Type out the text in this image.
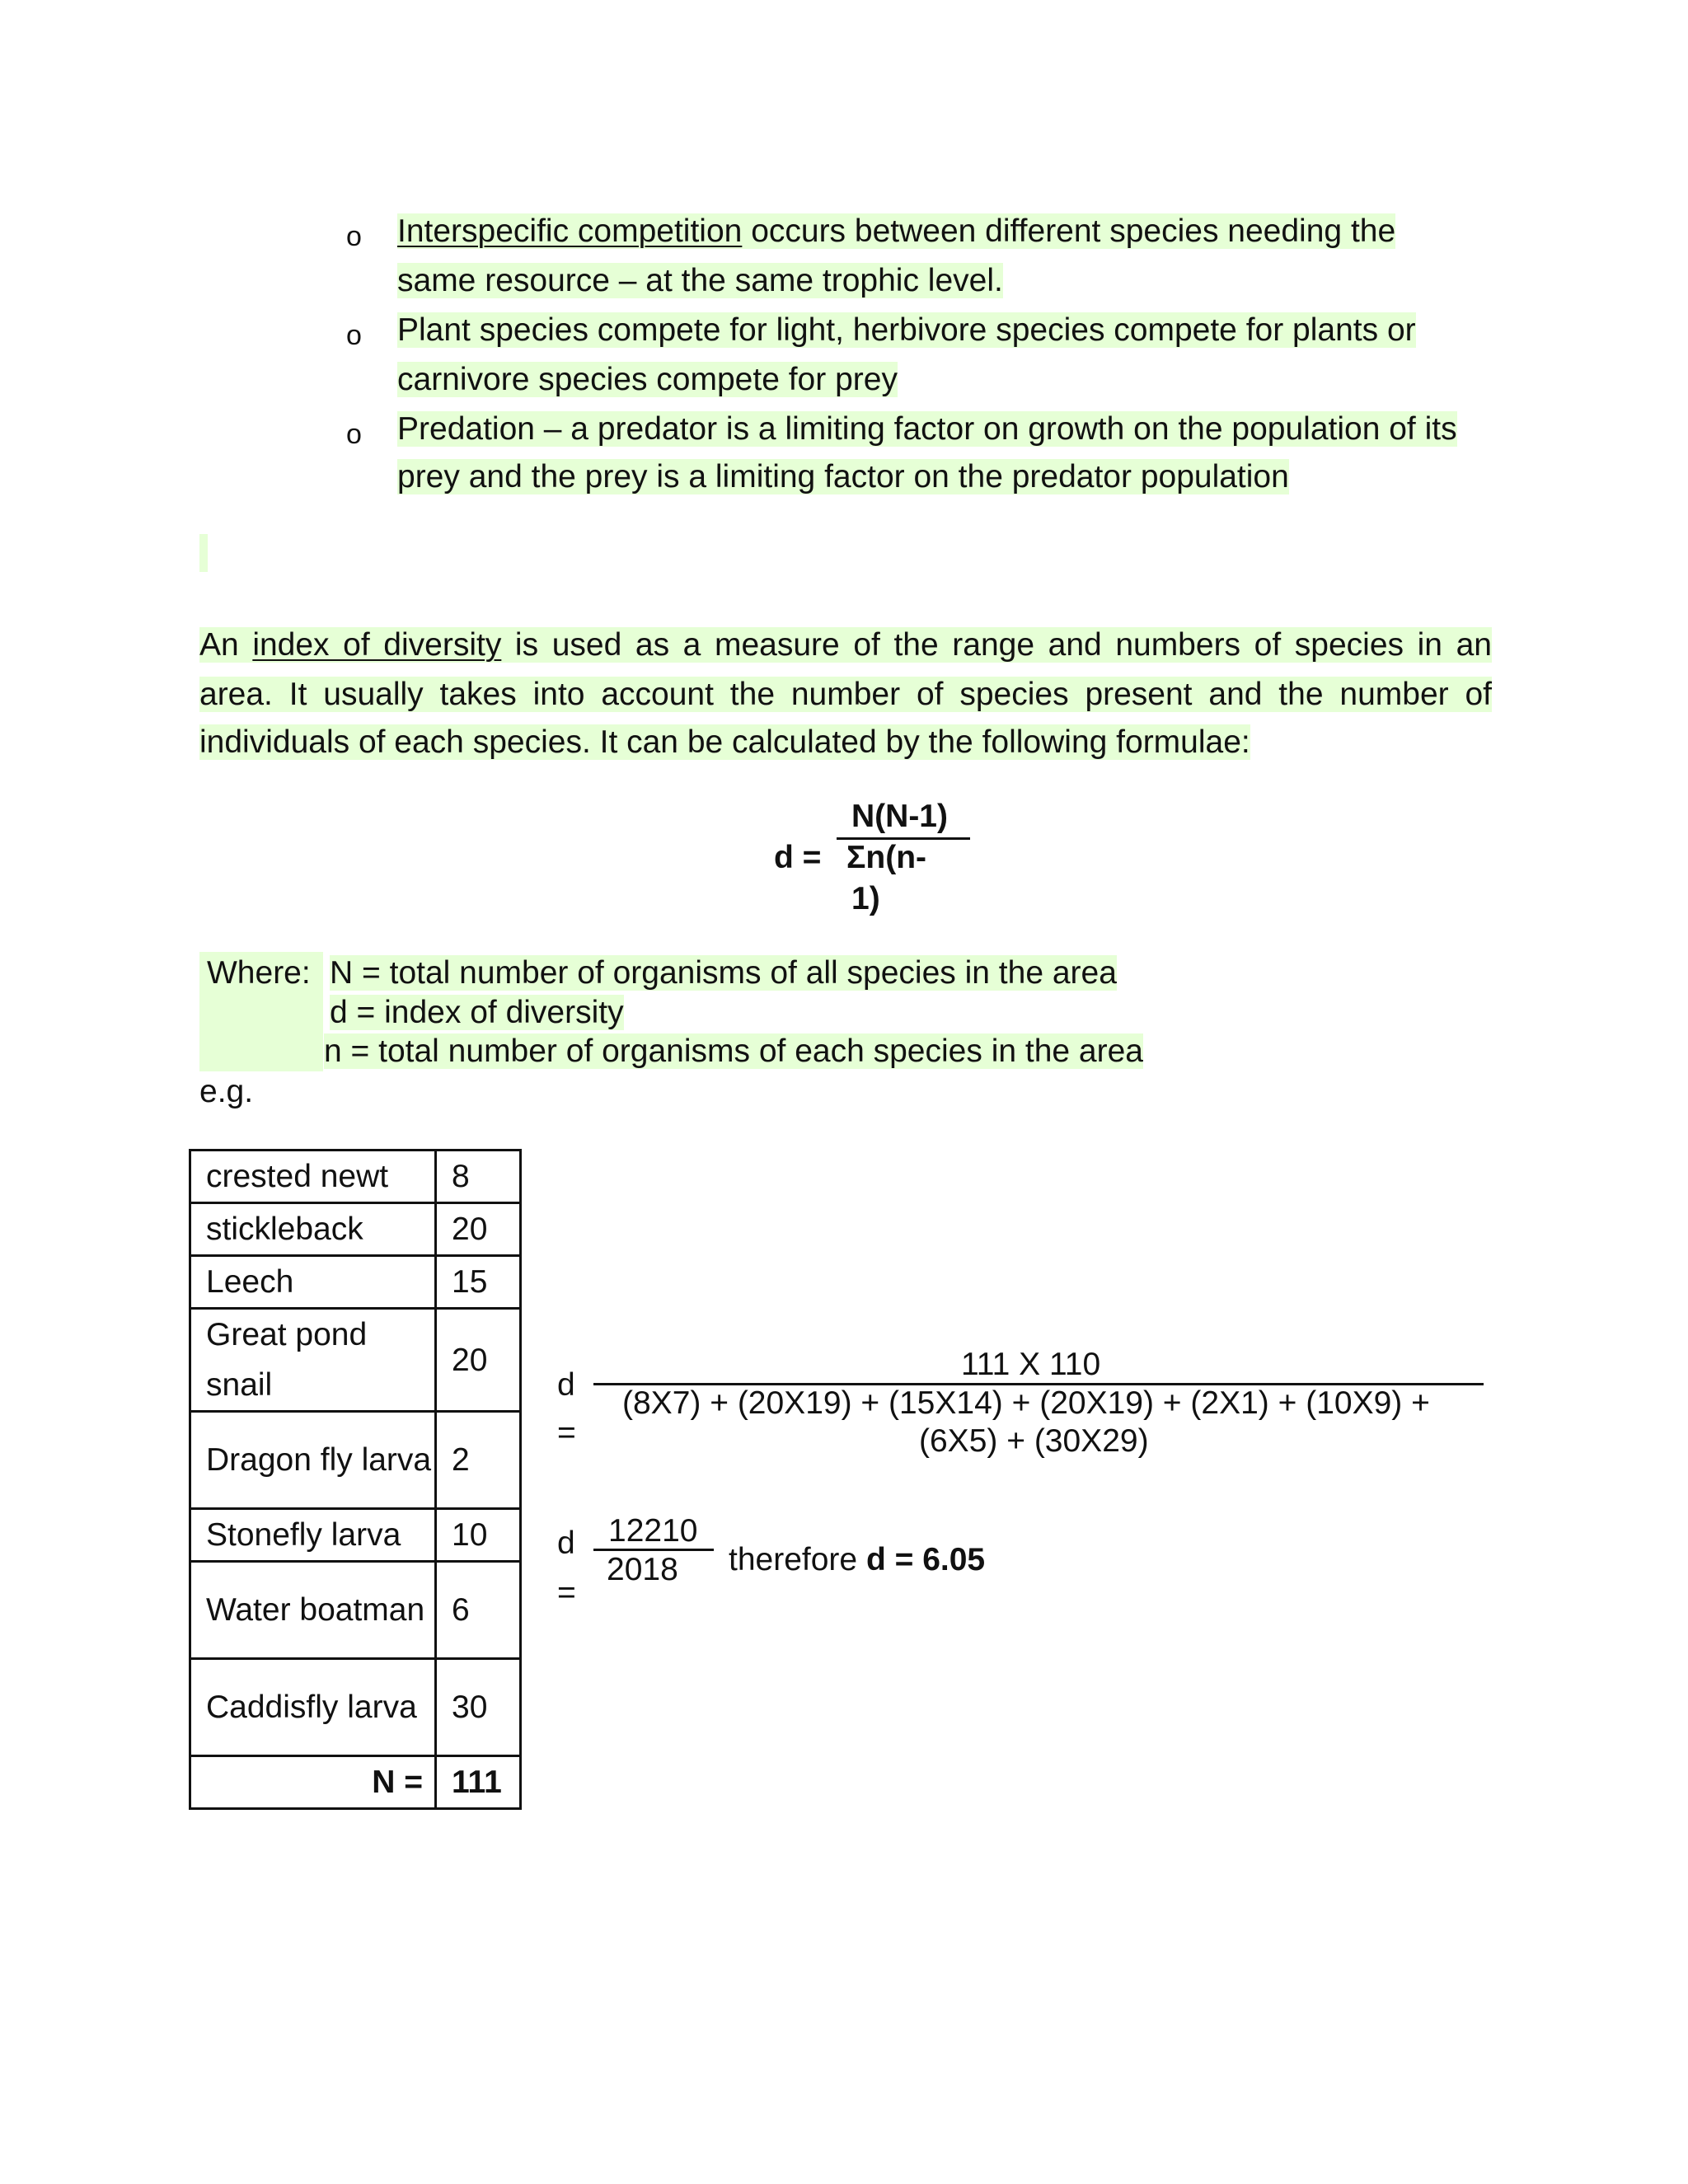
o Interspecific competition occurs between different species needing the
same resource – at the same trophic level.
o Plant species compete for light, herbivore species compete for plants or
carnivore species compete for prey
o Predation – a predator is a limiting factor on growth on the population of its
prey and the prey is a limiting factor on the predator population
An index of diversity is used as a measure of the range and numbers of species in an
area. It usually takes into account the number of species present and the number of
individuals of each species. It can be calculated by the following formulae:
d =
N(N-1)
Σn(n-
1)
Where: N = total number of organisms of all species in the area
d = index of diversity
n = total number of organisms of each species in the area
e.g.
crested newt	8
stickleback	20
Leech	15
Great pond snail	20
Dragon fly larva	2
Stonefly larva	10
Water boatman	6
Caddisfly larva	30
N =	111
d
=
111 X 110
(8X7) + (20X19) + (15X14) + (20X19) + (2X1) + (10X9) +
(6X5) + (30X29)
d
=
12210
2018 therefore d = 6.05
